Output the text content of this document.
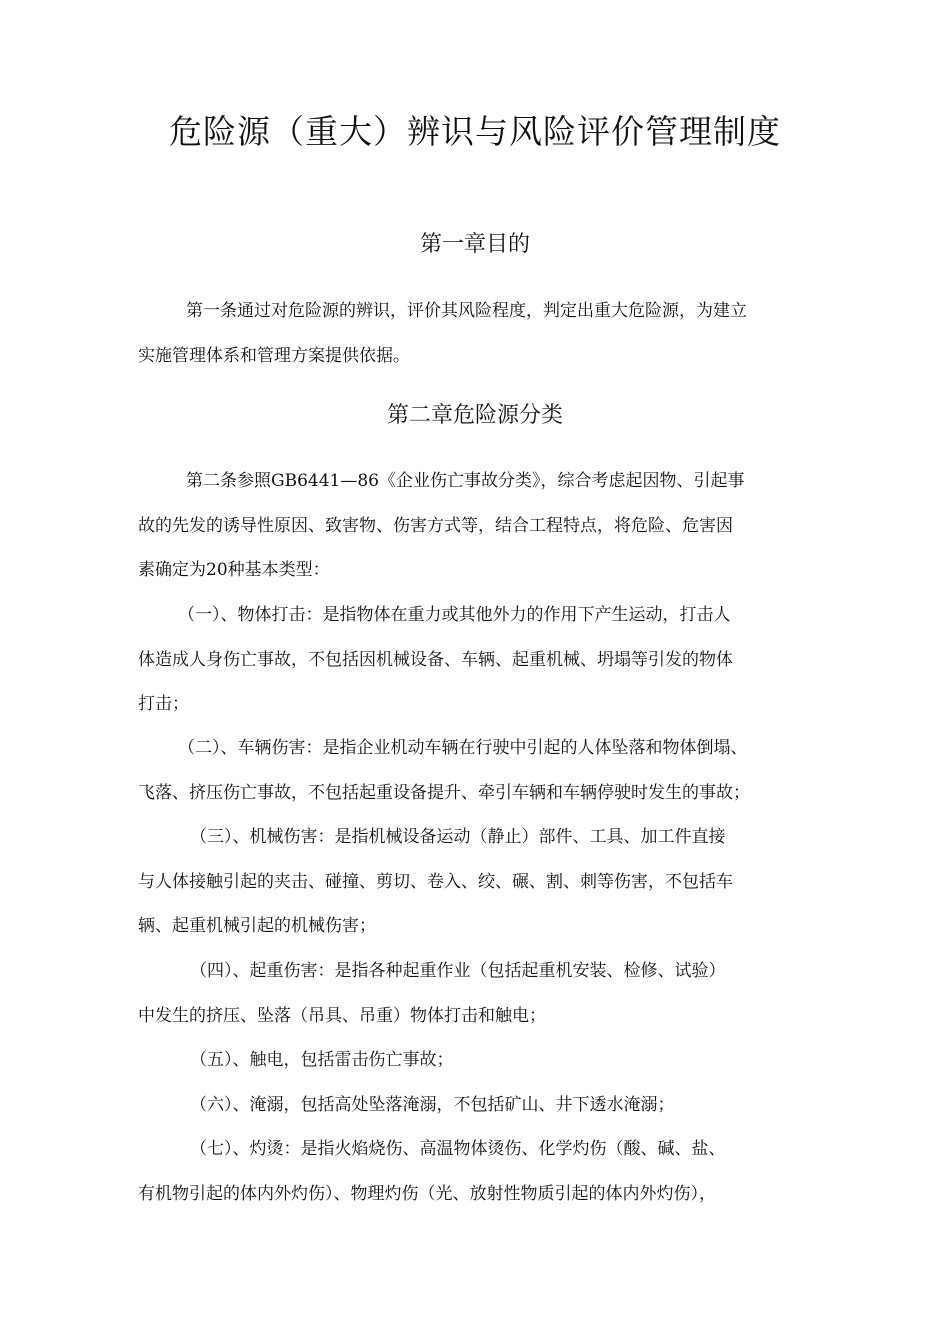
危险源（重大）辨识与风险评价管理制度
第一章目的

第一条通过对危险源的辨识，评价其风险程度，判定出重大危险源，为建立
实施管理体系和管理方案提供依据。

第二章危险源分类

第二条参照GB6441—86《企业伤亡事故分类》，综合考虑起因物、引起事
故的先发的诱导性原因、致害物、伤害方式等，结合工程特点，将危险、危害因
素确定为20种基本类型：

（一）、物体打击：是指物体在重力或其他外力的作用下产生运动，打击人
体造成人身伤亡事故，不包括因机械设备、车辆、起重机械、坍塌等引发的物体
打击；

（二）、车辆伤害：是指企业机动车辆在行驶中引起的人体坠落和物体倒塌、
飞落、挤压伤亡事故，不包括起重设备提升、牵引车辆和车辆停驶时发生的事故；

（三）、机械伤害：是指机械设备运动（静止）部件、工具、加工件直接
与人体接触引起的夹击、碰撞、剪切、卷入、绞、碾、割、刺等伤害，不包括车
辆、起重机械引起的机械伤害；

（四）、起重伤害：是指各种起重作业（包括起重机安装、检修、试验）
中发生的挤压、坠落（吊具、吊重）物体打击和触电；

（五）、触电，包括雷击伤亡事故；

（六）、淹溺，包括高处坠落淹溺，不包括矿山、井下透水淹溺；

（七）、灼烫：是指火焰烧伤、高温物体烫伤、化学灼伤（酸、碱、盐、
有机物引起的体内外灼伤）、物理灼伤（光、放射性物质引起的体内外灼伤），
